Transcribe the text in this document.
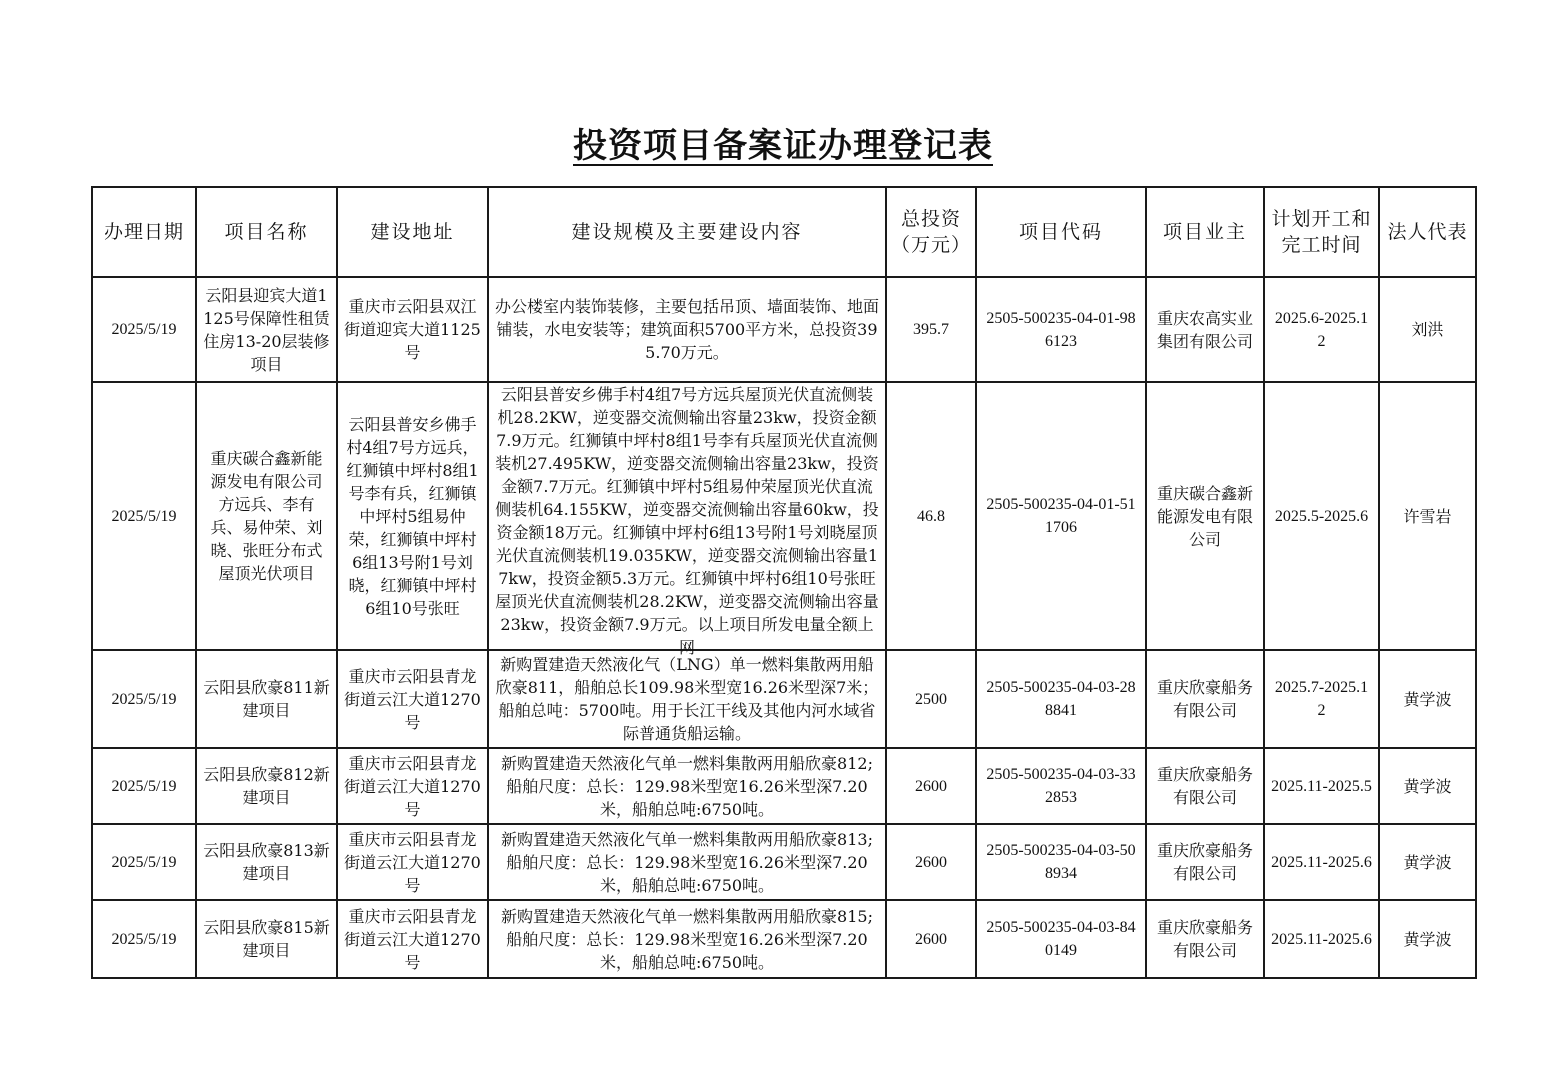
投资项目备案证办理登记表
办理日期	项目名称	建设地址	建设规模及主要建设内容	总投资（万元）	项目代码	项目业主	计划开工和完工时间	法人代表
2025/5/19	云阳县迎宾大道1125号保障性租赁住房13-20层装修项目	重庆市云阳县双江街道迎宾大道1125号	办公楼室内装饰装修，主要包括吊顶、墙面装饰、地面铺装，水电安装等；建筑面积5700平方米，总投资395.70万元。	395.7	2505-500235-04-01-986123	重庆农高实业集团有限公司	2025.6-2025.12	刘洪
2025/5/19	重庆碳合鑫新能源发电有限公司方远兵、李有兵、易仲荣、刘晓、张旺分布式屋顶光伏项目	云阳县普安乡佛手村4组7号方远兵，红狮镇中坪村8组1号李有兵，红狮镇中坪村5组易仲荣，红狮镇中坪村6组13号附1号刘晓，红狮镇中坪村6组10号张旺	云阳县普安乡佛手村4组7号方远兵屋顶光伏直流侧装机28.2KW，逆变器交流侧输出容量23kw，投资金额7.9万元。红狮镇中坪村8组1号李有兵屋顶光伏直流侧装机27.495KW，逆变器交流侧输出容量23kw，投资金额7.7万元。红狮镇中坪村5组易仲荣屋顶光伏直流侧装机64.155KW，逆变器交流侧输出容量60kw，投资金额18万元。红狮镇中坪村6组13号附1号刘晓屋顶光伏直流侧装机19.035KW，逆变器交流侧输出容量17kw，投资金额5.3万元。红狮镇中坪村6组10号张旺屋顶光伏直流侧装机28.2KW，逆变器交流侧输出容量23kw，投资金额7.9万元。以上项目所发电量全额上网	46.8	2505-500235-04-01-511706	重庆碳合鑫新能源发电有限公司	2025.5-2025.6	许雪岩
2025/5/19	云阳县欣豪811新建项目	重庆市云阳县青龙街道云江大道1270号	新购置建造天然液化气（LNG）单一燃料集散两用船欣豪811，船舶总长109.98米型宽16.26米型深7米；船舶总吨：5700吨。用于长江干线及其他内河水域省际普通货船运输。	2500	2505-500235-04-03-288841	重庆欣豪船务有限公司	2025.7-2025.12	黄学波
2025/5/19	云阳县欣豪812新建项目	重庆市云阳县青龙街道云江大道1270号	新购置建造天然液化气单一燃料集散两用船欣豪812;船舶尺度：总长：129.98米型宽16.26米型深7.20米，船舶总吨:6750吨。	2600	2505-500235-04-03-332853	重庆欣豪船务有限公司	2025.11-2025.5	黄学波
2025/5/19	云阳县欣豪813新建项目	重庆市云阳县青龙街道云江大道1270号	新购置建造天然液化气单一燃料集散两用船欣豪813;船舶尺度：总长：129.98米型宽16.26米型深7.20米，船舶总吨:6750吨。	2600	2505-500235-04-03-508934	重庆欣豪船务有限公司	2025.11-2025.6	黄学波
2025/5/19	云阳县欣豪815新建项目	重庆市云阳县青龙街道云江大道1270号	新购置建造天然液化气单一燃料集散两用船欣豪815;船舶尺度：总长：129.98米型宽16.26米型深7.20米，船舶总吨:6750吨。	2600	2505-500235-04-03-840149	重庆欣豪船务有限公司	2025.11-2025.6	黄学波
